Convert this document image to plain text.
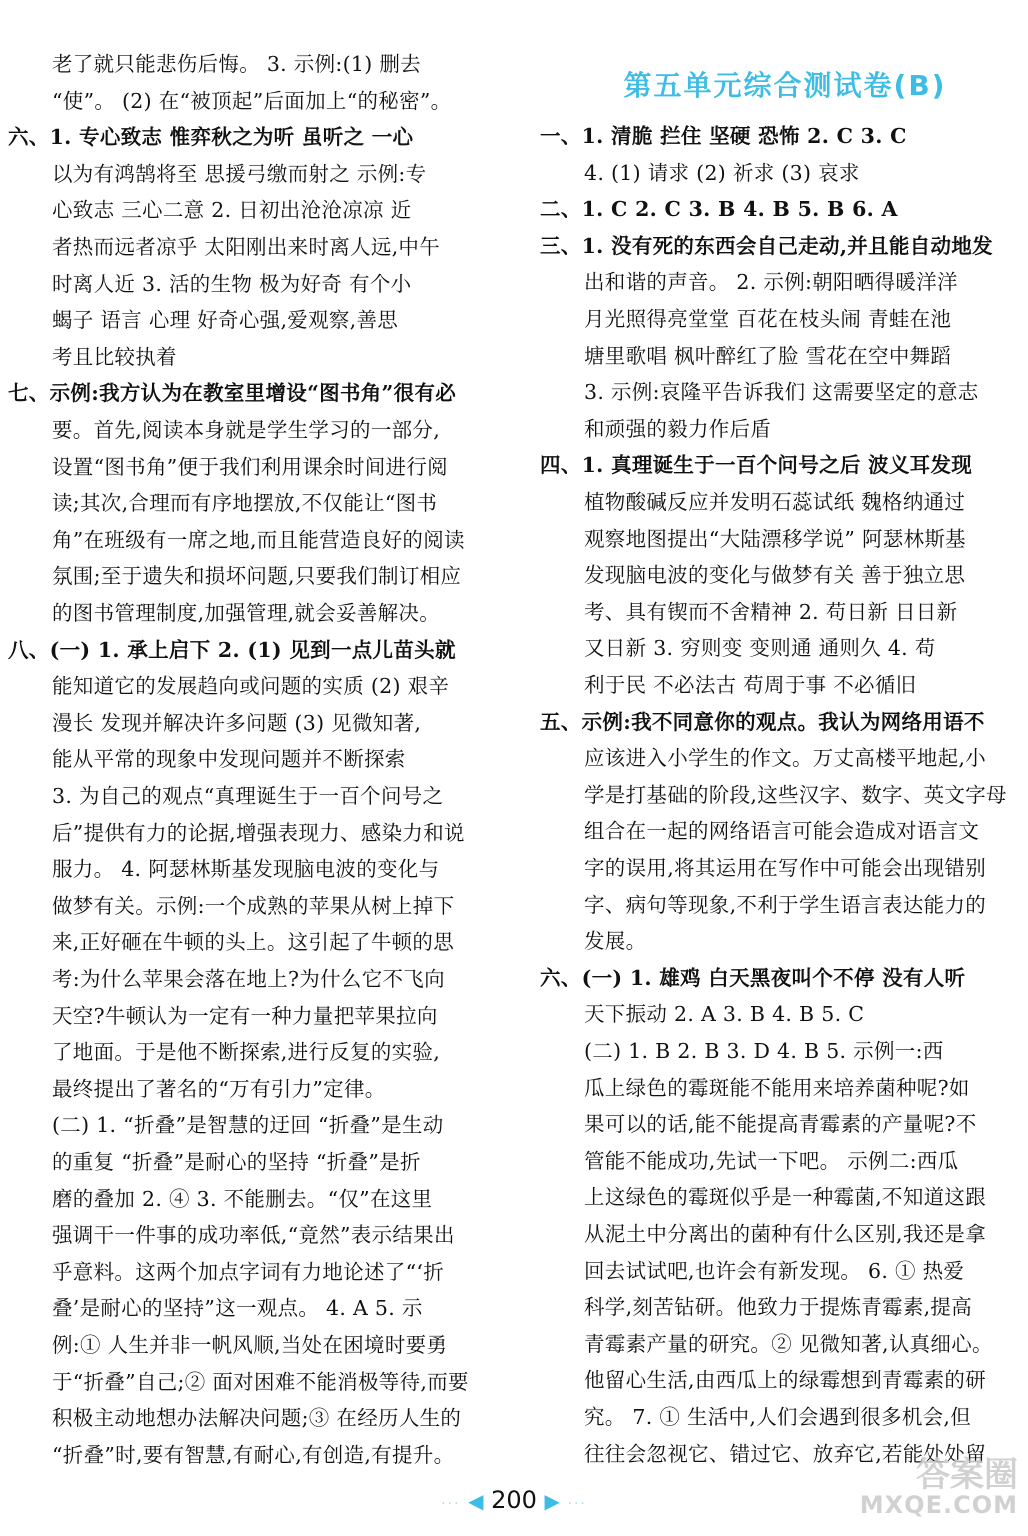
老了就只能悲伤后悔。 3. 示例:(1) 删去
“使”。 (2) 在“被顶起”后面加上“的秘密”。
六、1. 专心致志 惟弈秋之为听 虽听之 一心
以为有鸿鹄将至 思援弓缴而射之 示例:专
心致志 三心二意 2. 日初出沧沧凉凉 近
者热而远者凉乎 太阳刚出来时离人远,中午
时离人近 3. 活的生物 极为好奇 有个小
蝎子 语言 心理 好奇心强,爱观察,善思
考且比较执着
七、示例:我方认为在教室里增设“图书角”很有必
要。首先,阅读本身就是学生学习的一部分,
设置“图书角”便于我们利用课余时间进行阅
读;其次,合理而有序地摆放,不仅能让“图书
角”在班级有一席之地,而且能营造良好的阅读
氛围;至于遗失和损坏问题,只要我们制订相应
的图书管理制度,加强管理,就会妥善解决。
八、(一) 1. 承上启下 2. (1) 见到一点儿苗头就
能知道它的发展趋向或问题的实质 (2) 艰辛
漫长 发现并解决许多问题 (3) 见微知著,
能从平常的现象中发现问题并不断探索
3. 为自己的观点“真理诞生于一百个问号之
后”提供有力的论据,增强表现力、感染力和说
服力。 4. 阿瑟林斯基发现脑电波的变化与
做梦有关。示例:一个成熟的苹果从树上掉下
来,正好砸在牛顿的头上。这引起了牛顿的思
考:为什么苹果会落在地上?为什么它不飞向
天空?牛顿认为一定有一种力量把苹果拉向
了地面。于是他不断探索,进行反复的实验,
最终提出了著名的“万有引力”定律。
(二) 1. “折叠”是智慧的迂回 “折叠”是生动
的重复 “折叠”是耐心的坚持 “折叠”是折
磨的叠加 2. ④ 3. 不能删去。“仅”在这里
强调干一件事的成功率低,“竟然”表示结果出
乎意料。这两个加点字词有力地论述了“‘折
叠’是耐心的坚持”这一观点。 4. A 5. 示
例:① 人生并非一帆风顺,当处在困境时要勇
于“折叠”自己;② 面对困难不能消极等待,而要
积极主动地想办法解决问题;③ 在经历人生的
“折叠”时,要有智慧,有耐心,有创造,有提升。
第五单元综合测试卷(B)
一、1. 清脆 拦住 坚硬 恐怖 2. C 3. C
4. (1) 请求 (2) 祈求 (3) 哀求
二、1. C 2. C 3. B 4. B 5. B 6. A
三、1. 没有死的东西会自己走动,并且能自动地发
出和谐的声音。 2. 示例:朝阳晒得暖洋洋
月光照得亮堂堂 百花在枝头闹 青蛙在池
塘里歌唱 枫叶醉红了脸 雪花在空中舞蹈
3. 示例:哀隆平告诉我们 这需要坚定的意志
和顽强的毅力作后盾
四、1. 真理诞生于一百个问号之后 波义耳发现
植物酸碱反应并发明石蕊试纸 魏格纳通过
观察地图提出“大陆漂移学说” 阿瑟林斯基
发现脑电波的变化与做梦有关 善于独立思
考、具有锲而不舍精神 2. 苟日新 日日新
又日新 3. 穷则变 变则通 通则久 4. 苟
利于民 不必法古 苟周于事 不必循旧
五、示例:我不同意你的观点。我认为网络用语不
应该进入小学生的作文。万丈高楼平地起,小
学是打基础的阶段,这些汉字、数字、英文字母
组合在一起的网络语言可能会造成对语言文
字的误用,将其运用在写作中可能会出现错别
字、病句等现象,不利于学生语言表达能力的
发展。
六、(一) 1. 雄鸡 白天黑夜叫个不停 没有人听
天下振动 2. A 3. B 4. B 5. C
(二) 1. B 2. B 3. D 4. B 5. 示例一:西
瓜上绿色的霉斑能不能用来培养菌种呢?如
果可以的话,能不能提高青霉素的产量呢?不
管能不能成功,先试一下吧。 示例二:西瓜
上这绿色的霉斑似乎是一种霉菌,不知道这跟
从泥土中分离出的菌种有什么区别,我还是拿
回去试试吧,也许会有新发现。 6. ① 热爱
科学,刻苦钻研。他致力于提炼青霉素,提高
青霉素产量的研究。② 见微知著,认真细心。
他留心生活,由西瓜上的绿霉想到青霉素的研
究。 7. ① 生活中,人们会遇到很多机会,但
往往会忽视它、错过它、放弃它,若能处处留
··· ◀ 200 ▶ ···
答案圈
MXQE.COM
